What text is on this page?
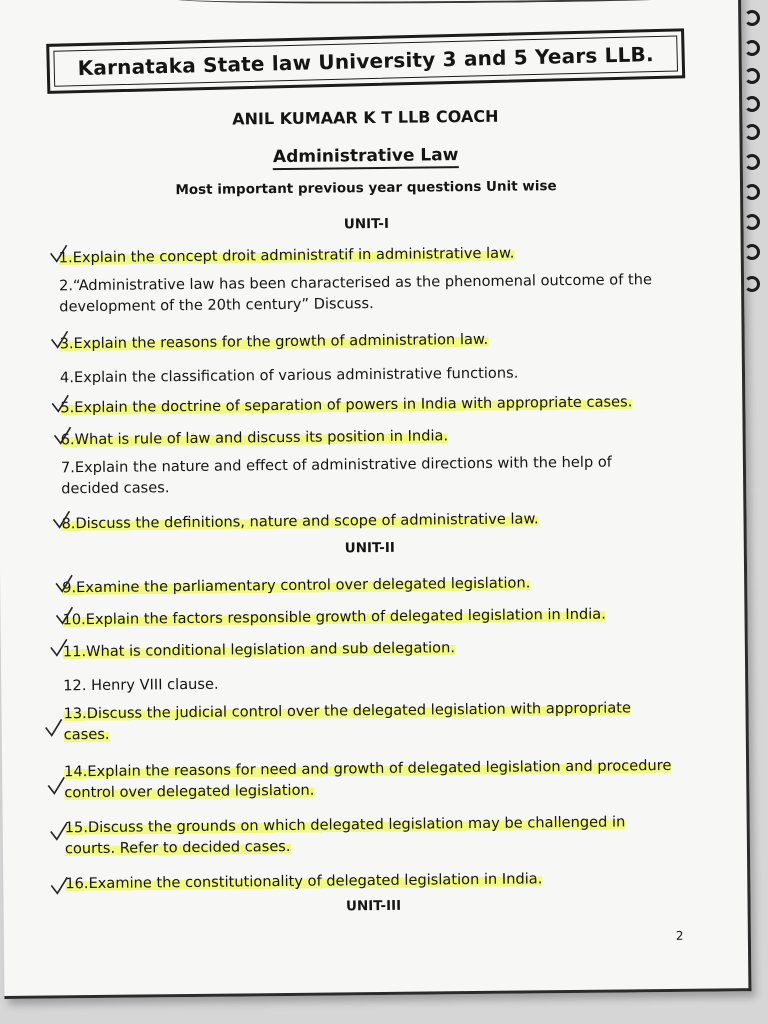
Karnataka State law University 3 and 5 Years LLB.
ANIL KUMAAR K T LLB COACH
Administrative Law
Most important previous year questions Unit wise
UNIT-I
1.Explain the concept droit administratif in administrative law.
2.“Administrative law has been characterised as the phenomenal outcome of the development of the 20th century” Discuss.
3.Explain the reasons for the growth of administration law.
4.Explain the classification of various administrative functions.
5.Explain the doctrine of separation of powers in India with appropriate cases.
6.What is rule of law and discuss its position in India.
7.Explain the nature and effect of administrative directions with the help of decided cases.
8.Discuss the definitions, nature and scope of administrative law.
UNIT-II
9.Examine the parliamentary control over delegated legislation.
10.Explain the factors responsible growth of delegated legislation in India.
11.What is conditional legislation and sub delegation.
12. Henry VIII clause.
13.Discuss the judicial control over the delegated legislation with appropriate cases.
14.Explain the reasons for need and growth of delegated legislation and procedure control over delegated legislation.
15.Discuss the grounds on which delegated legislation may be challenged in courts. Refer to decided cases.
16.Examine the constitutionality of delegated legislation in India.
UNIT-III
2
